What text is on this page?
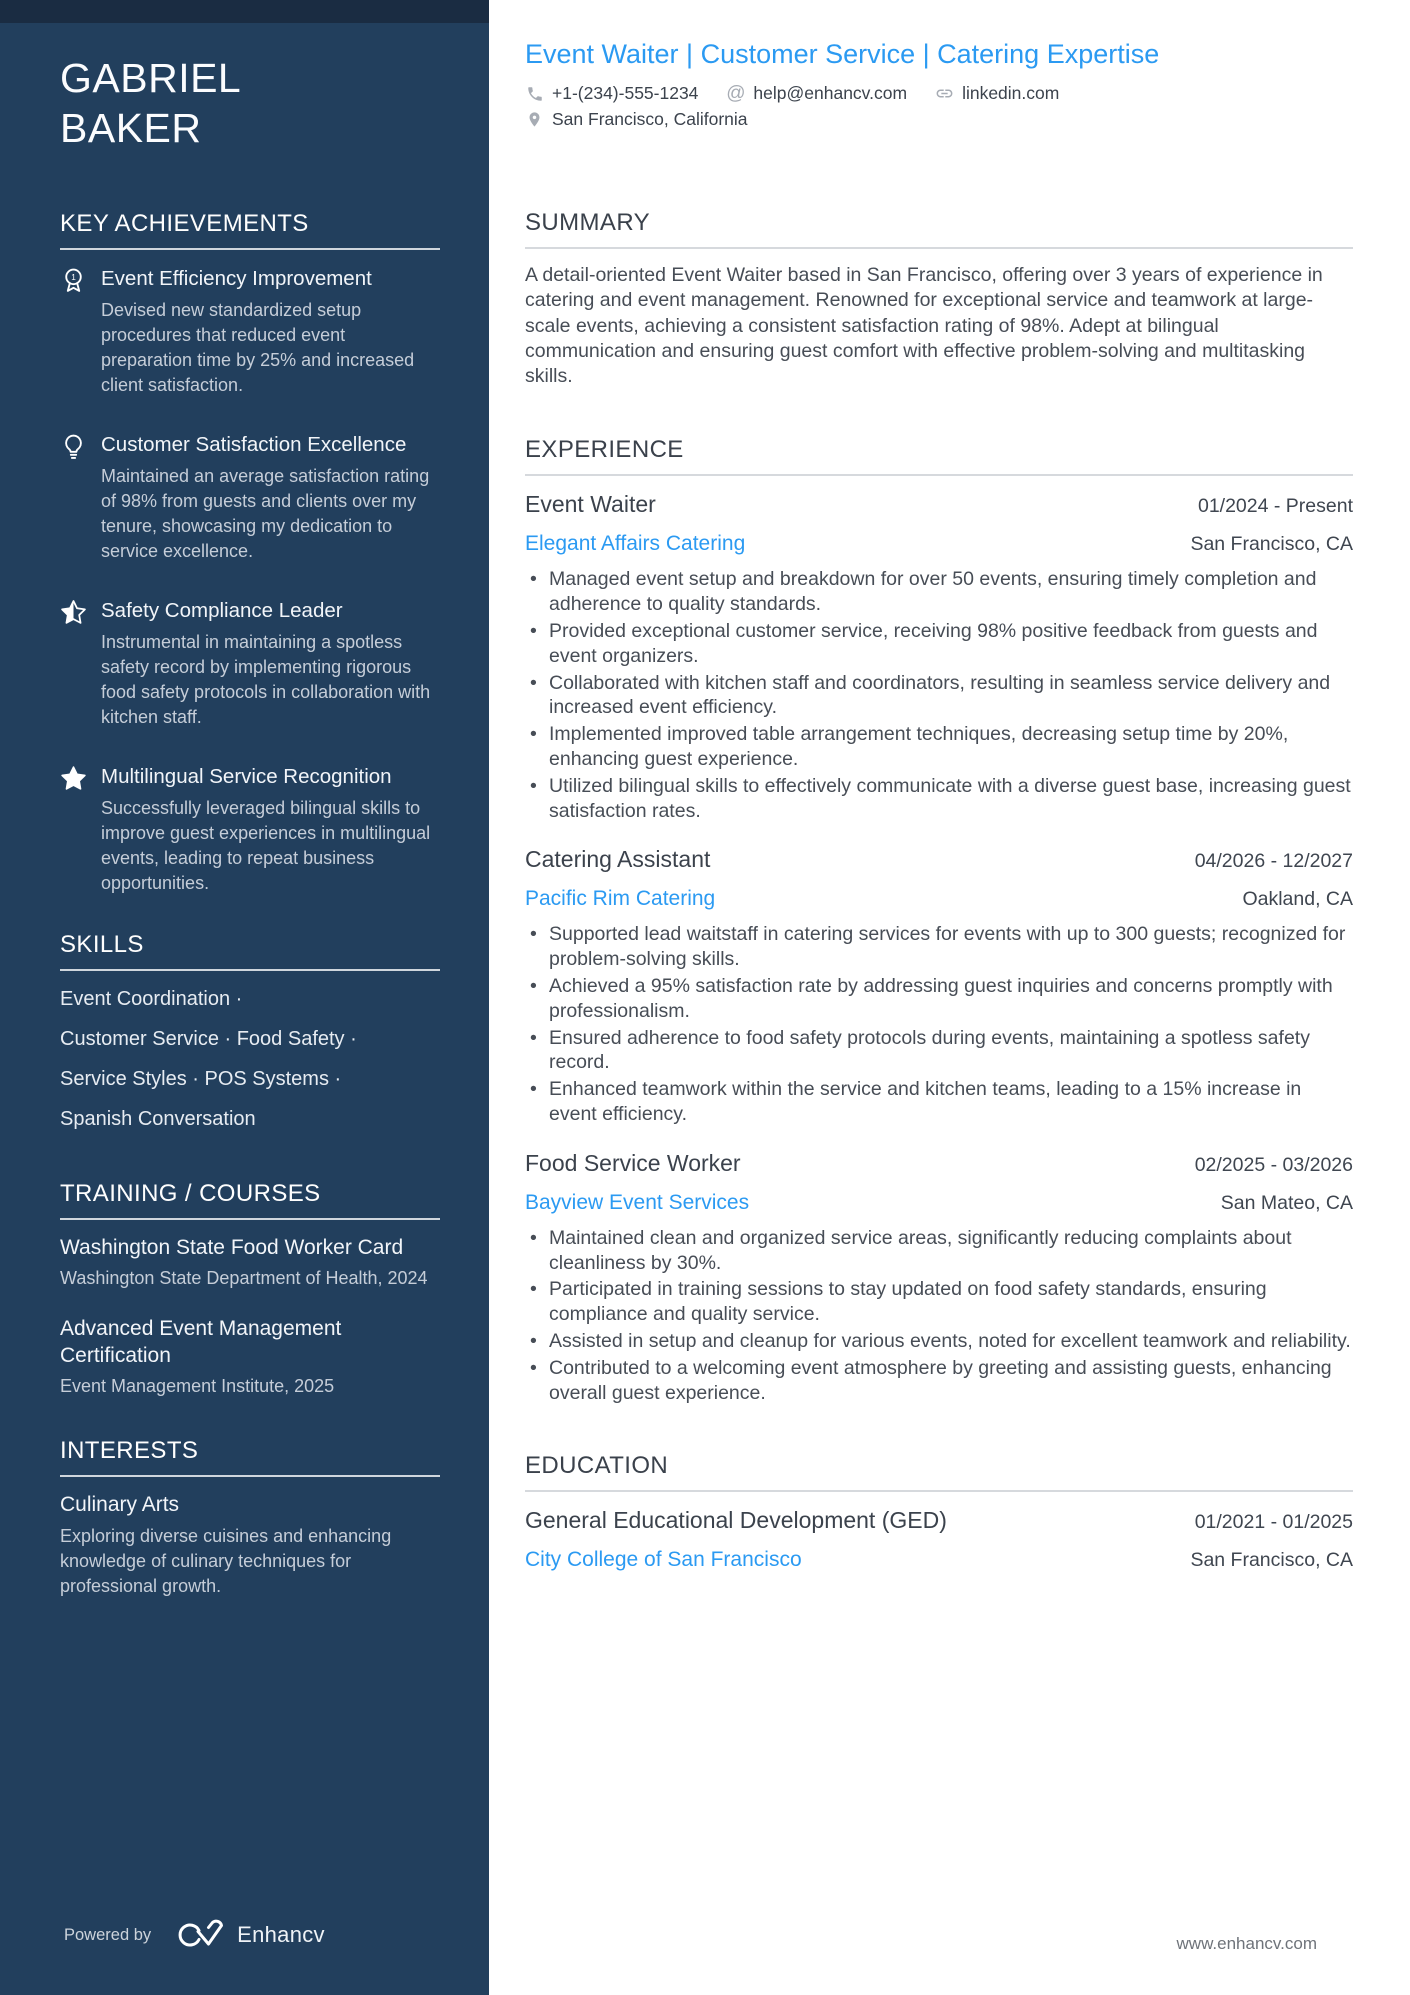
GABRIEL
BAKER
KEY ACHIEVEMENTS
1 Event Efficiency Improvement
Devised new standardized setup procedures that reduced event preparation time by 25% and increased client satisfaction.
Customer Satisfaction Excellence
Maintained an average satisfaction rating of 98% from guests and clients over my tenure, showcasing my dedication to service excellence.
Safety Compliance Leader
Instrumental in maintaining a spotless safety record by implementing rigorous food safety protocols in collaboration with kitchen staff.
Multilingual Service Recognition
Successfully leveraged bilingual skills to improve guest experiences in multilingual events, leading to repeat business opportunities.
SKILLS
Event Coordination ·
Customer Service · Food Safety ·
Service Styles · POS Systems ·
Spanish Conversation
TRAINING / COURSES
Washington State Food Worker Card
Washington State Department of Health, 2024
Advanced Event Management Certification
Event Management Institute, 2025
INTERESTS
Culinary Arts
Exploring diverse cuisines and enhancing knowledge of culinary techniques for professional growth.
Powered by	Enhancv
Event Waiter | Customer Service | Catering Expertise
+1-(234)-555-1234 @ help@enhancv.com	linkedin.com
San Francisco, California
SUMMARY
A detail-oriented Event Waiter based in San Francisco, offering over 3 years of experience in catering and event management. Renowned for exceptional service and teamwork at large-scale events, achieving a consistent satisfaction rating of 98%. Adept at bilingual communication and ensuring guest comfort with effective problem-solving and multitasking skills.
EXPERIENCE
Event Waiter	01/2024 - Present
Elegant Affairs Catering	San Francisco, CA
• Managed event setup and breakdown for over 50 events, ensuring timely completion and adherence to quality standards.
• Provided exceptional customer service, receiving 98% positive feedback from guests and event organizers.
• Collaborated with kitchen staff and coordinators, resulting in seamless service delivery and increased event efficiency.
• Implemented improved table arrangement techniques, decreasing setup time by 20%, enhancing guest experience.
• Utilized bilingual skills to effectively communicate with a diverse guest base, increasing guest satisfaction rates.
Catering Assistant	04/2026 - 12/2027
Pacific Rim Catering	Oakland, CA
• Supported lead waitstaff in catering services for events with up to 300 guests; recognized for problem-solving skills.
• Achieved a 95% satisfaction rate by addressing guest inquiries and concerns promptly with professionalism.
• Ensured adherence to food safety protocols during events, maintaining a spotless safety record.
• Enhanced teamwork within the service and kitchen teams, leading to a 15% increase in event efficiency.
Food Service Worker	02/2025 - 03/2026
Bayview Event Services	San Mateo, CA
• Maintained clean and organized service areas, significantly reducing complaints about cleanliness by 30%.
• Participated in training sessions to stay updated on food safety standards, ensuring compliance and quality service.
• Assisted in setup and cleanup for various events, noted for excellent teamwork and reliability.
• Contributed to a welcoming event atmosphere by greeting and assisting guests, enhancing overall guest experience.
EDUCATION
General Educational Development (GED)	01/2021 - 01/2025
City College of San Francisco	San Francisco, CA
www.enhancv.com
